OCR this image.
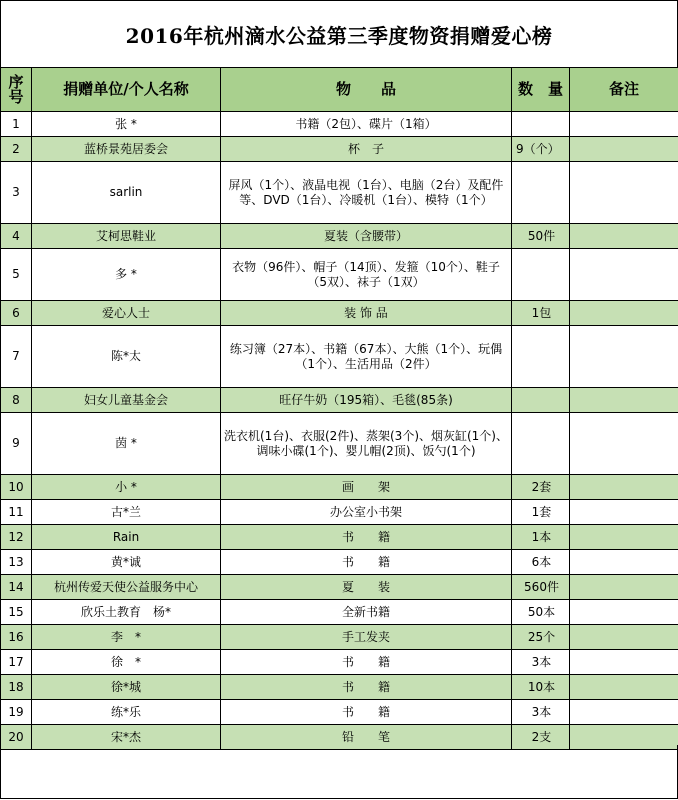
2016年杭州滴水公益第三季度物资捐赠爱心榜
序号	捐赠单位/个人名称	物　　品	数　量	备注
1	张 *	书籍（2包）、碟片（1箱）		
2	蓝桥景苑居委会	杯　子	9（个）	
3	sarlin	屏风（1个）、液晶电视（1台）、电脑（2台）及配件等、DVD（1台）、冷暖机（1台）、模特（1个）		
4	艾柯思鞋业	夏装（含腰带）	50件	
5	多 *	衣物（96件）、帽子（14顶）、发箍（10个）、鞋子（5双）、袜子（1双）		
6	爱心人士	装 饰 品	1包	
7	陈*太	练习簿（27本）、书籍（67本）、大熊（1个）、玩偶（1个）、生活用品（2件）		
8	妇女儿童基金会	旺仔牛奶（195箱）、毛毯(85条)		
9	茵 *	洗衣机(1台)、衣服(2件)、蒸架(3个)、烟灰缸(1个)、调味小碟(1个)、婴儿帽(2顶)、饭勺(1个)		
10	小 *	画　　架	2套	
11	古*兰	办公室小书架	1套	
12	Rain	书　　籍	1本	
13	黄*诚	书　　籍	6本	
14	杭州传爱天使公益服务中心	夏　　装	560件	
15	欣乐土教育　杨*	全新书籍	50本	
16	李　*	手工发夹	25个	
17	徐　*	书　　籍	3本	
18	徐*城	书　　籍	10本	
19	练*乐	书　　籍	3本	
20	宋*杰	铅　　笔	2支	
